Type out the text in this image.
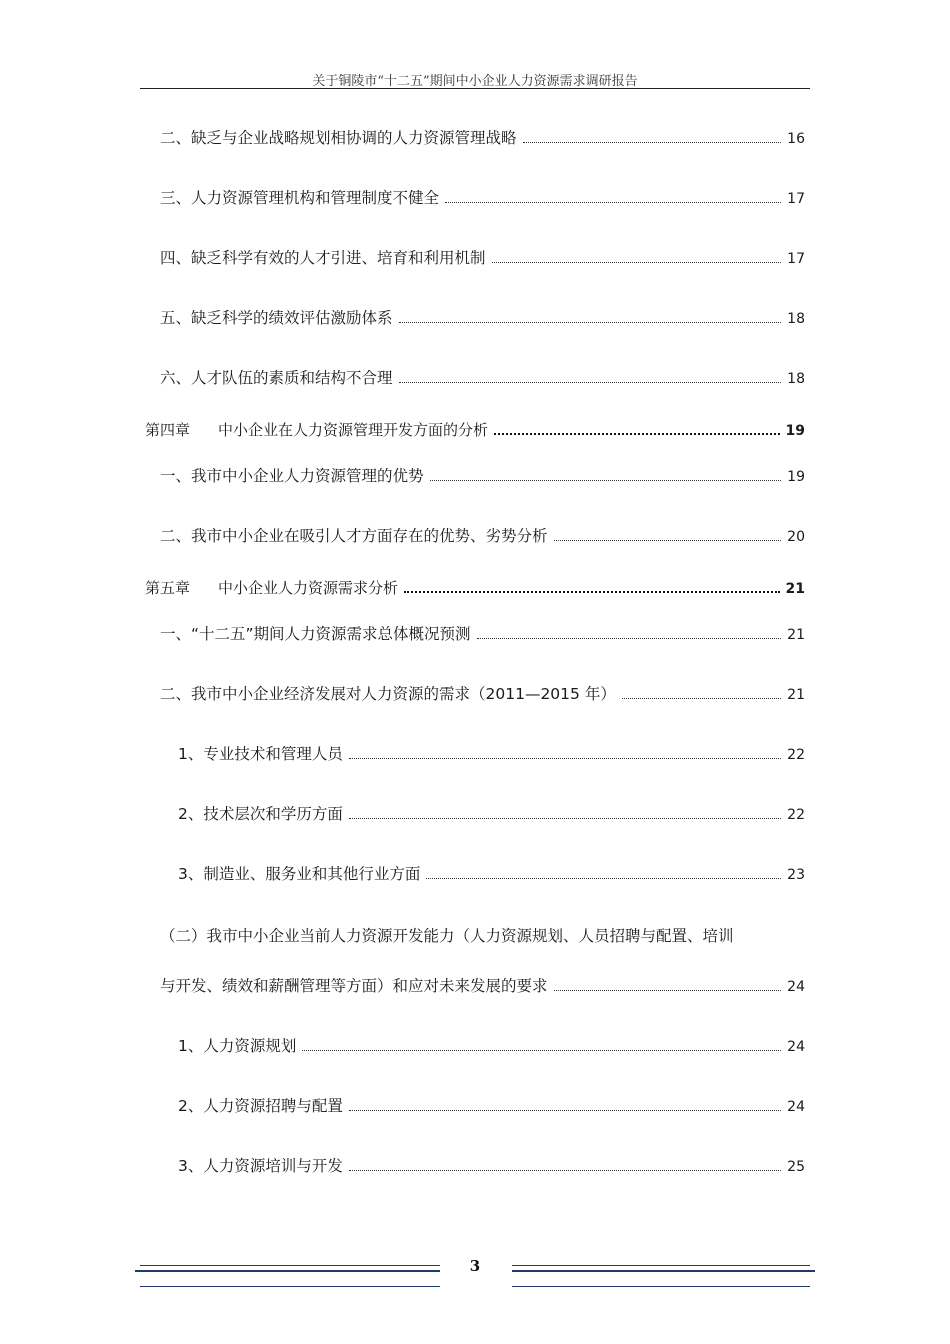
关于铜陵市“十二五”期间中小企业人力资源需求调研报告
二、缺乏与企业战略规划相协调的人力资源管理战略	16
三、人力资源管理机构和管理制度不健全	17
四、缺乏科学有效的人才引进、培育和利用机制	17
五、缺乏科学的绩效评估激励体系	18
六、人才队伍的素质和结构不合理	18
第四章 中小企业在人力资源管理开发方面的分析	19
一、我市中小企业人力资源管理的优势	19
二、我市中小企业在吸引人才方面存在的优势、劣势分析	20
第五章 中小企业人力资源需求分析	21
一、“十二五”期间人力资源需求总体概况预测	21
二、我市中小企业经济发展对人力资源的需求（2011—2015 年）	21
1、专业技术和管理人员	22
2、技术层次和学历方面	22
3、制造业、服务业和其他行业方面	23
（二）我市中小企业当前人力资源开发能力（人力资源规划、人员招聘与配置、培训
与开发、绩效和薪酬管理等方面）和应对未来发展的要求	24
1、人力资源规划	24
2、人力资源招聘与配置	24
3、人力资源培训与开发	25
3
